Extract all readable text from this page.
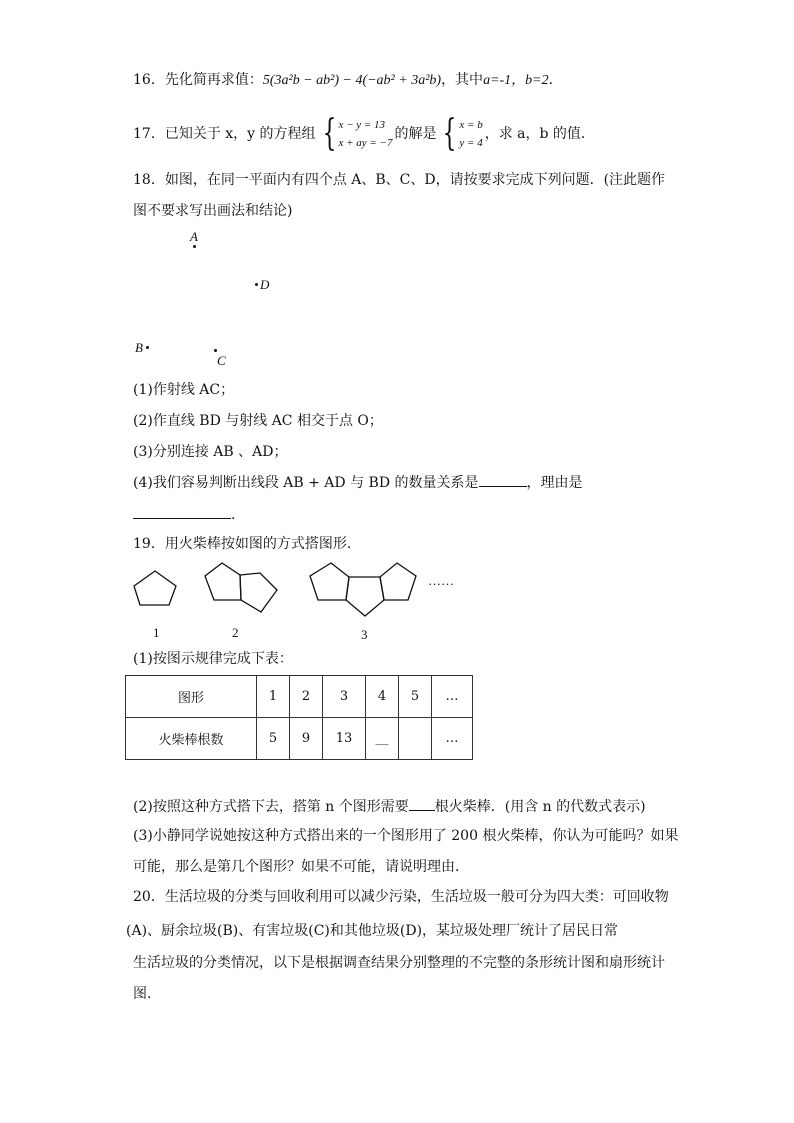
16．先化简再求值：5(3a²b − ab²) − 4(−ab² + 3a²b)，其中a=-1，b=2．
17．已知关于 x，y 的方程组 { x − y = 13
x + ay = −7
的解是 { x = b
y = 4
，求 a，b 的值．
18．如图，在同一平面内有四个点 A、B、C、D，请按要求完成下列问题．(注此题作
图不要求写出画法和结论)
A
D
B
C
(1)作射线 AC；
(2)作直线 BD 与射线 AC 相交于点 O；
(3)分别连接 AB 、AD；
(4)我们容易判断出线段 AB + AD 与 BD 的数量关系是	，理由是
.
19．用火柴棒按如图的方式搭图形．
……
1	2	3
(1)按图示规律完成下表：
图形	1	2	3	4	5	…
火柴棒根数	5	9	13	__		…
(2)按照这种方式搭下去，搭第 n 个图形需要 根火柴棒．(用含 n 的代数式表示)
(3)小静同学说她按这种方式搭出来的一个图形用了 200 根火柴棒，你认为可能吗？如果
可能，那么是第几个图形？如果不可能，请说明理由．
20．生活垃圾的分类与回收利用可以减少污染，生活垃圾一般可分为四大类：可回收物
(A)、厨余垃圾(B)、有害垃圾(C)和其他垃圾(D)，某垃圾处理厂统计了居民日常
生活垃圾的分类情况，以下是根据调查结果分别整理的不完整的条形统计图和扇形统计
图．
